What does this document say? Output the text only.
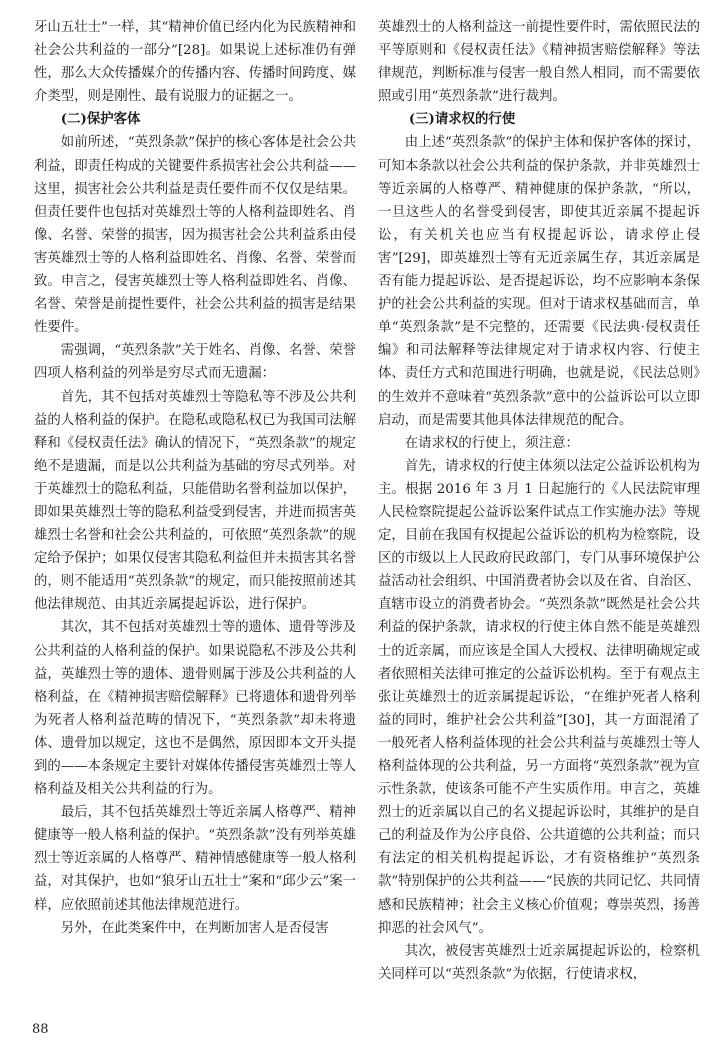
牙山五壮士”一样，其“精神价值已经内化为民族精神和社会公共利益的一部分”[28]。如果说上述标准仍有弹性，那么大众传播媒介的传播内容、传播时间跨度、媒介类型，则是刚性、最有说服力的证据之一。

(二)保护客体

如前所述，“英烈条款”保护的核心客体是社会公共利益，即责任构成的关键要件系损害社会公共利益——这里，损害社会公共利益是责任要件而不仅仅是结果。但责任要件也包括对英雄烈士等的人格利益即姓名、肖像、名誉、荣誉的损害，因为损害社会公共利益系由侵害英雄烈士等的人格利益即姓名、肖像、名誉、荣誉而致。申言之，侵害英雄烈士等人格利益即姓名、肖像、名誉、荣誉是前提性要件，社会公共利益的损害是结果性要件。

需强调，“英烈条款”关于姓名、肖像、名誉、荣誉四项人格利益的列举是穷尽式而无遗漏：

首先，其不包括对英雄烈士等隐私等不涉及公共利益的人格利益的保护。在隐私或隐私权已为我国司法解释和《侵权责任法》确认的情况下，“英烈条款”的规定绝不是遗漏，而是以公共利益为基础的穷尽式列举。对于英雄烈士的隐私利益，只能借助名誉利益加以保护，即如果英雄烈士等的隐私利益受到侵害，并进而损害英雄烈士名誉和社会公共利益的，可依照“英烈条款”的规定给予保护；如果仅侵害其隐私利益但并未损害其名誉的，则不能适用“英烈条款”的规定，而只能按照前述其他法律规范、由其近亲属提起诉讼，进行保护。

其次，其不包括对英雄烈士等的遗体、遗骨等涉及公共利益的人格利益的保护。如果说隐私不涉及公共利益，英雄烈士等的遗体、遗骨则属于涉及公共利益的人格利益，在《精神损害赔偿解释》已将遗体和遗骨列举为死者人格利益范畴的情况下，“英烈条款”却未将遗体、遗骨加以规定，这也不是偶然，原因即本文开头提到的——本条规定主要针对媒体传播侵害英雄烈士等人格利益及相关公共利益的行为。

最后，其不包括英雄烈士等近亲属人格尊严、精神健康等一般人格利益的保护。“英烈条款”没有列举英雄烈士等近亲属的人格尊严、精神情感健康等一般人格利益，对其保护，也如“狼牙山五壮士”案和“邱少云”案一样，应依照前述其他法律规范进行。

另外，在此类案件中，在判断加害人是否侵害

英雄烈士的人格利益这一前提性要件时，需依照民法的平等原则和《侵权责任法》《精神损害赔偿解释》等法律规范，判断标准与侵害一般自然人相同，而不需要依照或引用“英烈条款”进行裁判。

(三)请求权的行使

由上述“英烈条款”的保护主体和保护客体的探讨，可知本条款以社会公共利益的保护条款，并非英雄烈士等近亲属的人格尊严、精神健康的保护条款，“所以，一旦这些人的名誉受到侵害，即使其近亲属不提起诉讼，有关机关也应当有权提起诉讼，请求停止侵害”[29]，即英雄烈士等有无近亲属生存，其近亲属是否有能力提起诉讼、是否提起诉讼，均不应影响本条保护的社会公共利益的实现。但对于请求权基础而言，单单“英烈条款”是不完整的，还需要《民法典·侵权责任编》和司法解释等法律规定对于请求权内容、行使主体、责任方式和范围进行明确，也就是说，《民法总则》的生效并不意味着“英烈条款”意中的公益诉讼可以立即启动，而是需要其他具体法律规范的配合。

在请求权的行使上，须注意：

首先，请求权的行使主体须以法定公益诉讼机构为主。根据 2016 年 3 月 1 日起施行的《人民法院审理人民检察院提起公益诉讼案件试点工作实施办法》等规定，目前在我国有权提起公益诉讼的机构为检察院，设区的市级以上人民政府民政部门，专门从事环境保护公益活动社会组织、中国消费者协会以及在省、自治区、直辖市设立的消费者协会。“英烈条款”既然是社会公共利益的保护条款，请求权的行使主体自然不能是英雄烈士的近亲属，而应该是全国人大授权、法律明确规定或者依照相关法律可推定的公益诉讼机构。至于有观点主张让英雄烈士的近亲属提起诉讼，“在维护死者人格利益的同时，维护社会公共利益”[30]，其一方面混淆了一般死者人格利益体现的社会公共利益与英雄烈士等人格利益体现的公共利益，另一方面将“英烈条款”视为宣示性条款，使该条可能不产生实质作用。申言之，英雄烈士的近亲属以自己的名义提起诉讼时，其维护的是自己的利益及作为公序良俗、公共道德的公共利益；而只有法定的相关机构提起诉讼，才有资格维护“英烈条款”特别保护的公共利益——“民族的共同记忆、共同情感和民族精神；社会主义核心价值观；尊崇英烈，扬善抑恶的社会风气”。

其次，被侵害英雄烈士近亲属提起诉讼的，检察机关同样可以“英烈条款”为依据，行使请求权，

88
